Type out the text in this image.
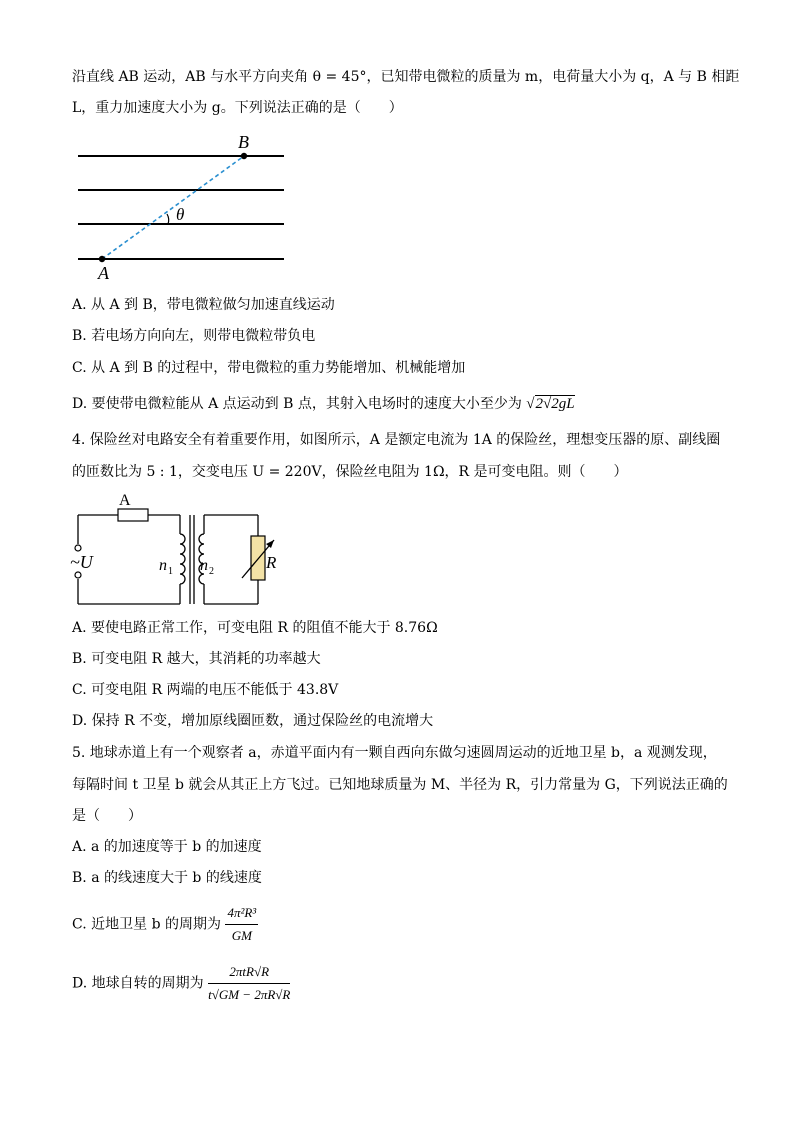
沿直线 AB 运动，AB 与水平方向夹角 θ = 45°，已知带电微粒的质量为 m，电荷量大小为 q，A 与 B 相距
L，重力加速度大小为 g。下列说法正确的是（　　）
B
A
θ
A. 从 A 到 B，带电微粒做匀加速直线运动
B. 若电场方向向左，则带电微粒带负电
C. 从 A 到 B 的过程中，带电微粒的重力势能增加、机械能增加
D. 要使带电微粒能从 A 点运动到 B 点，其射入电场时的速度大小至少为 √2√2gL
4. 保险丝对电路安全有着重要作用，如图所示，A 是额定电流为 1A 的保险丝，理想变压器的原、副线圈
的匝数比为 5 : 1，交变电压 U = 220V，保险丝电阻为 1Ω，R 是可变电阻。则（　　）
A
~U	n 1 n 2	R
A. 要使电路正常工作，可变电阻 R 的阻值不能大于 8.76Ω
B. 可变电阻 R 越大，其消耗的功率越大
C. 可变电阻 R 两端的电压不能低于 43.8V
D. 保持 R 不变，增加原线圈匝数，通过保险丝的电流增大
5. 地球赤道上有一个观察者 a，赤道平面内有一颗自西向东做匀速圆周运动的近地卫星 b，a 观测发现，
每隔时间 t 卫星 b 就会从其正上方飞过。已知地球质量为 M、半径为 R，引力常量为 G，下列说法正确的
是（　　）
A. a 的加速度等于 b 的加速度
B. a 的线速度大于 b 的线速度
C. 近地卫星 b 的周期为 $\frac{\text{4π²R³}}{GM}$
D. 地球自转的周期为 $\frac{\text{2πtR√R}}{t√GM - 2\pi R√R}$
